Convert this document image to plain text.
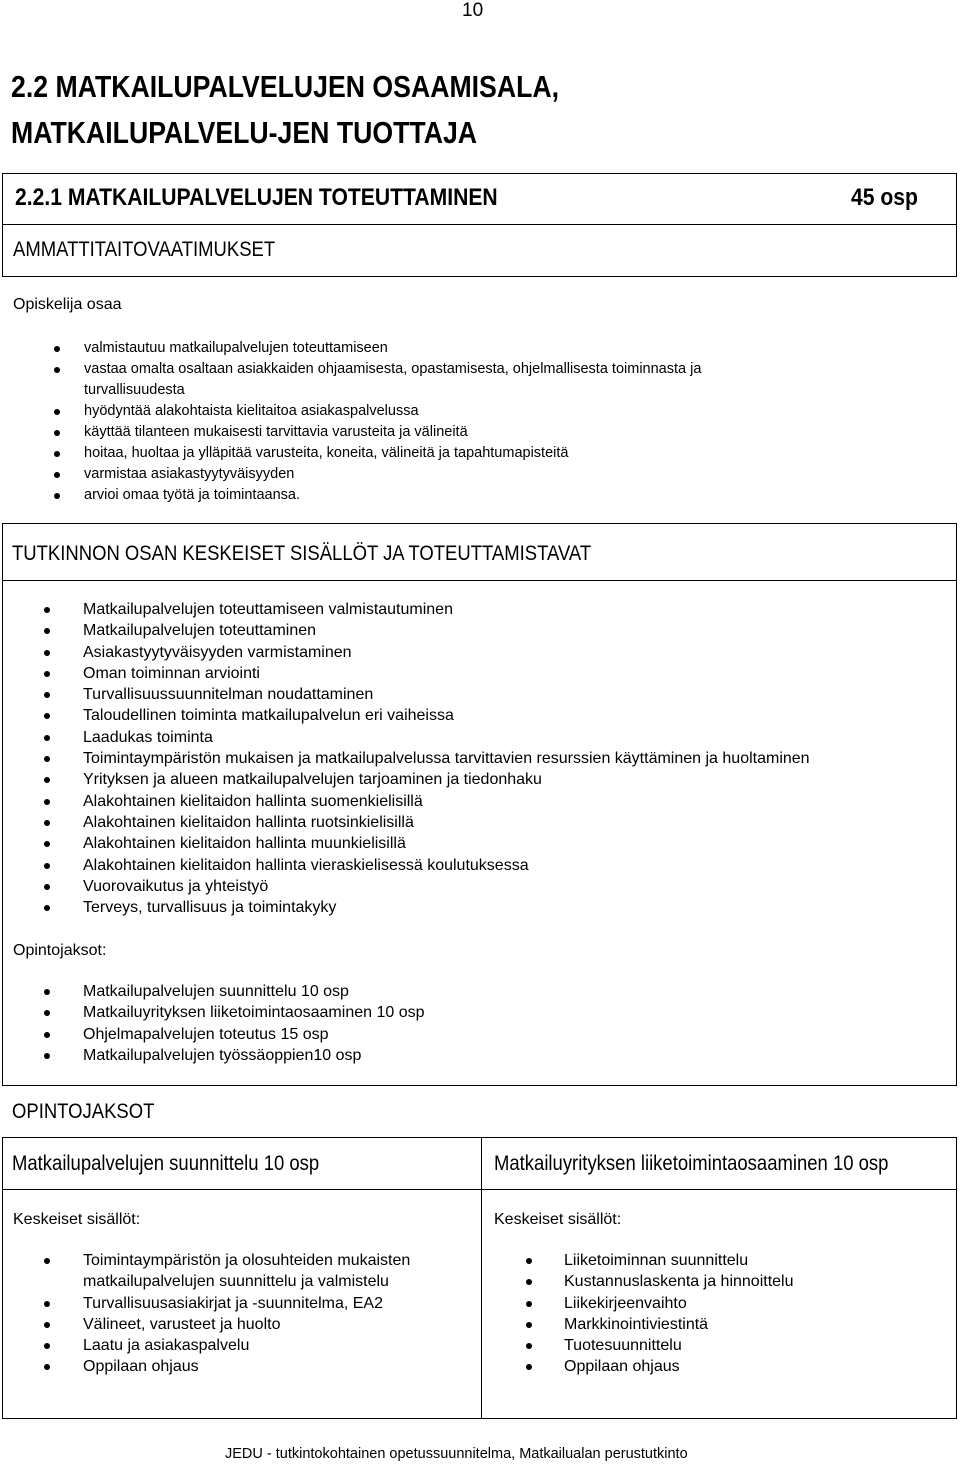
10
2.2 MATKAILUPALVELUJEN OSAAMISALA, MATKAILUPALVELU-JEN TUOTTAJA
2.2.1 MATKAILUPALVELUJEN TOTEUTTAMINEN	45 osp
AMMATTITAITOVAATIMUKSET
Opiskelija osaa
valmistautuu matkailupalvelujen toteuttamiseen
vastaa omalta osaltaan asiakkaiden ohjaamisesta, opastamisesta, ohjelmallisesta toiminnasta ja turvallisuudesta
hyödyntää alakohtaista kielitaitoa asiakaspalvelussa
käyttää tilanteen mukaisesti tarvittavia varusteita ja välineitä
hoitaa, huoltaa ja ylläpitää varusteita, koneita, välineitä ja tapahtumapisteitä
varmistaa asiakastyytyväisyyden
arvioi omaa työtä ja toimintaansa.
TUTKINNON OSAN KESKEISET SISÄLLÖT JA TOTEUTTAMISTAVAT
Matkailupalvelujen toteuttamiseen valmistautuminen
Matkailupalvelujen toteuttaminen
Asiakastyytyväisyyden varmistaminen
Oman toiminnan arviointi
Turvallisuussuunnitelman noudattaminen
Taloudellinen toiminta matkailupalvelun eri vaiheissa
Laadukas toiminta
Toimintaympäristön mukaisen ja matkailupalvelussa tarvittavien resurssien käyttäminen ja huoltaminen
Yrityksen ja alueen matkailupalvelujen tarjoaminen ja tiedonhaku
Alakohtainen kielitaidon hallinta suomenkielisillä
Alakohtainen kielitaidon hallinta ruotsinkielisillä
Alakohtainen kielitaidon hallinta muunkielisillä
Alakohtainen kielitaidon hallinta vieraskielisessä koulutuksessa
Vuorovaikutus ja yhteistyö
Terveys, turvallisuus ja toimintakyky
Opintojaksot:
Matkailupalvelujen suunnittelu 10 osp
Matkailuyrityksen liiketoimintaosaaminen 10 osp
Ohjelmapalvelujen toteutus 15 osp
Matkailupalvelujen työssäoppien10 osp
OPINTOJAKSOT
Matkailupalvelujen suunnittelu 10 osp
Keskeiset sisällöt:
Toimintaympäristön ja olosuhteiden mukaisten matkailupalvelujen suunnittelu ja valmistelu
Turvallisuusasiakirjat ja -suunnitelma, EA2
Välineet, varusteet ja huolto
Laatu ja asiakaspalvelu
Oppilaan ohjaus
Matkailuyrityksen liiketoimintaosaaminen 10 osp
Keskeiset sisällöt:
Liiketoiminnan suunnittelu
Kustannuslaskenta ja hinnoittelu
Liikekirjeenvaihto
Markkinointiviestintä
Tuotesuunnittelu
Oppilaan ohjaus
JEDU - tutkintokohtainen opetussuunnitelma, Matkailualan perustutkinto
